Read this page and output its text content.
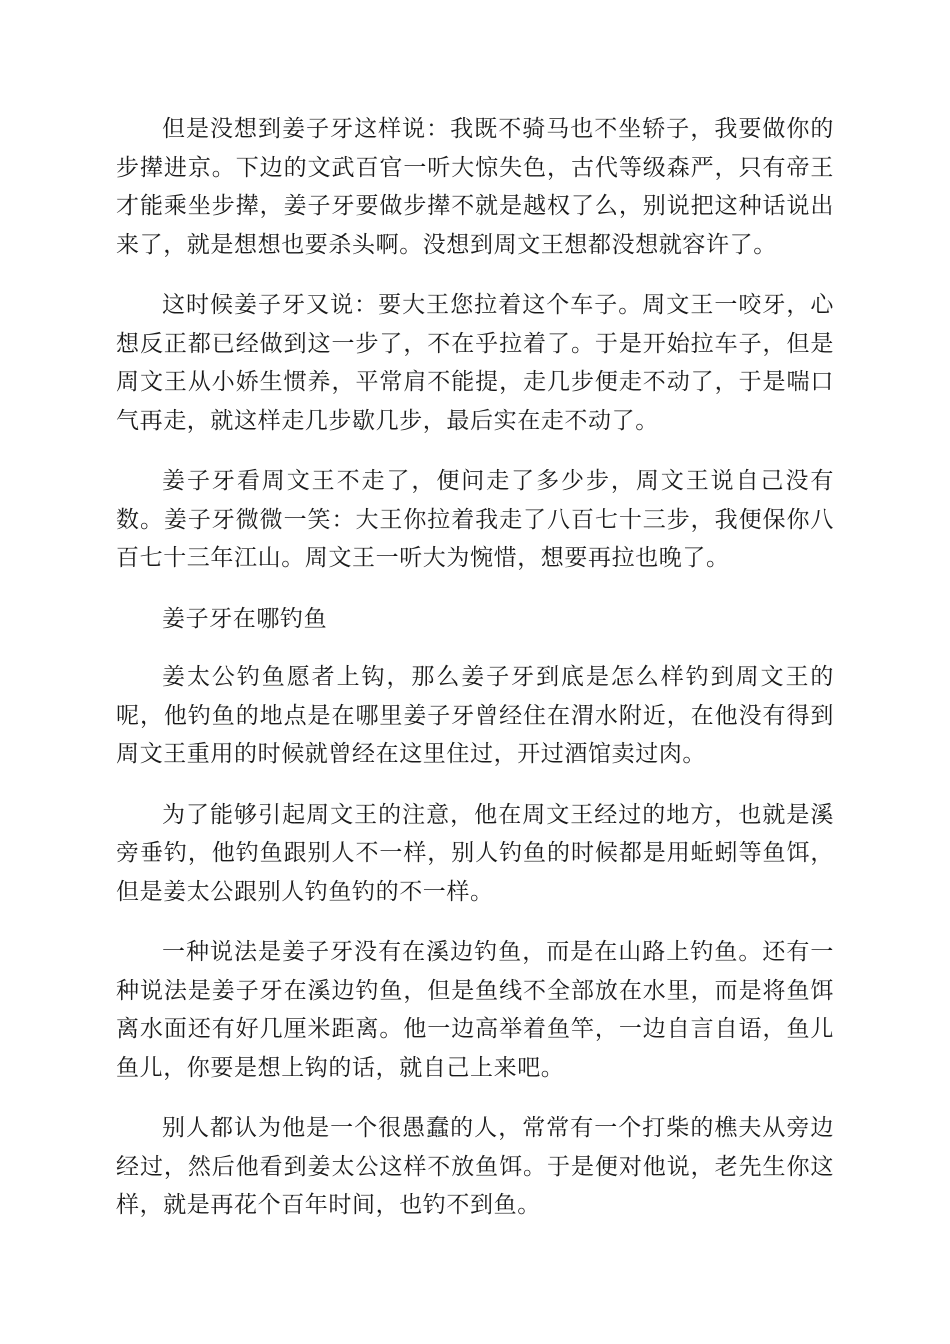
但是没想到姜子牙这样说：我既不骑马也不坐轿子，我要做你的步撵进京。下边的文武百官一听大惊失色，古代等级森严，只有帝王才能乘坐步撵，姜子牙要做步撵不就是越权了么，别说把这种话说出来了，就是想想也要杀头啊。没想到周文王想都没想就容许了。

这时候姜子牙又说：要大王您拉着这个车子。周文王一咬牙，心想反正都已经做到这一步了，不在乎拉着了。于是开始拉车子，但是周文王从小娇生惯养，平常肩不能提，走几步便走不动了，于是喘口气再走，就这样走几步歇几步，最后实在走不动了。

姜子牙看周文王不走了，便问走了多少步，周文王说自己没有数。姜子牙微微一笑：大王你拉着我走了八百七十三步，我便保你八百七十三年江山。周文王一听大为惋惜，想要再拉也晚了。

姜子牙在哪钓鱼

姜太公钓鱼愿者上钩，那么姜子牙到底是怎么样钓到周文王的呢，他钓鱼的地点是在哪里姜子牙曾经住在渭水附近，在他没有得到周文王重用的时候就曾经在这里住过，开过酒馆卖过肉。

为了能够引起周文王的注意，他在周文王经过的地方，也就是溪旁垂钓，他钓鱼跟别人不一样，别人钓鱼的时候都是用蚯蚓等鱼饵，但是姜太公跟别人钓鱼钓的不一样。

一种说法是姜子牙没有在溪边钓鱼，而是在山路上钓鱼。还有一种说法是姜子牙在溪边钓鱼，但是鱼线不全部放在水里，而是将鱼饵离水面还有好几厘米距离。他一边高举着鱼竿，一边自言自语，鱼儿鱼儿，你要是想上钩的话，就自己上来吧。

别人都认为他是一个很愚蠢的人，常常有一个打柴的樵夫从旁边经过，然后他看到姜太公这样不放鱼饵。于是便对他说，老先生你这样，就是再花个百年时间，也钓不到鱼。
